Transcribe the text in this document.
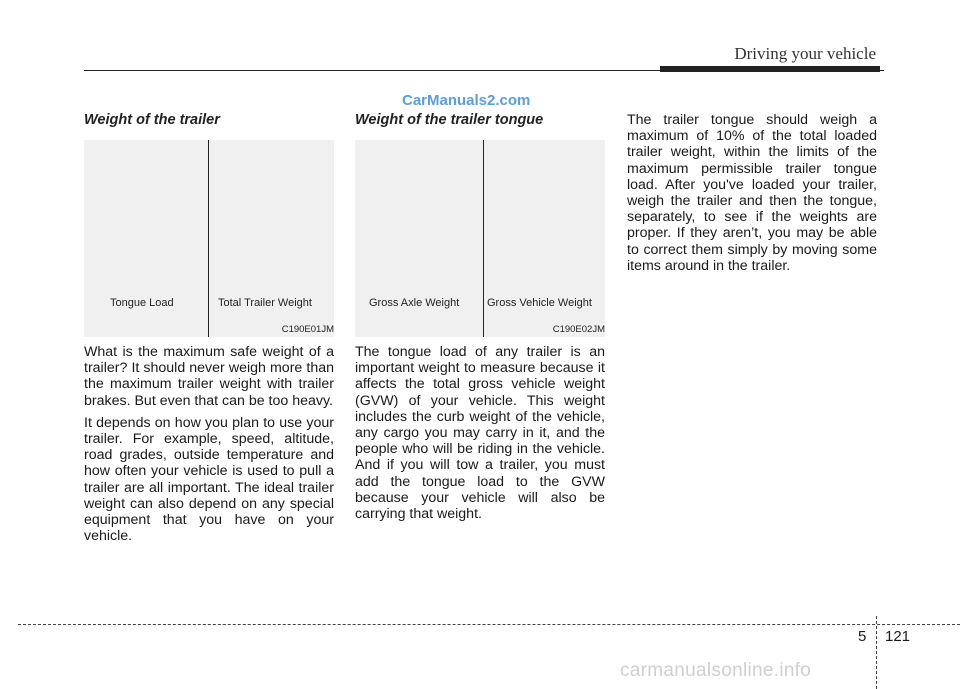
Driving your vehicle
CarManuals2.com
Weight of the trailer
Tongue Load	Total Trailer Weight
C190E01JM

What is the maximum safe weight of a trailer? It should never weigh more than the maximum trailer weight with trailer brakes. But even that can be too heavy.

It depends on how you plan to use your trailer. For example, speed, altitude, road grades, outside temperature and how often your vehicle is used to pull a trailer are all important. The ideal trailer weight can also depend on any special equipment that you have on your vehicle.

Weight of the trailer tongue
Gross Axle Weight	Gross Vehicle Weight
C190E02JM

The tongue load of any trailer is an important weight to measure because it affects the total gross vehicle weight (GVW) of your vehicle. This weight includes the curb weight of the vehicle, any cargo you may carry in it, and the people who will be riding in the vehicle. And if you will tow a trailer, you must add the tongue load to the GVW because your vehicle will also be carrying that weight.

The trailer tongue should weigh a maximum of 10% of the total loaded trailer weight, within the limits of the maximum permissible trailer tongue load. After you've loaded your trailer, weigh the trailer and then the tongue, separately, to see if the weights are proper. If they aren’t, you may be able to correct them simply by moving some items around in the trailer.

5 121
carmanualsonline.info
